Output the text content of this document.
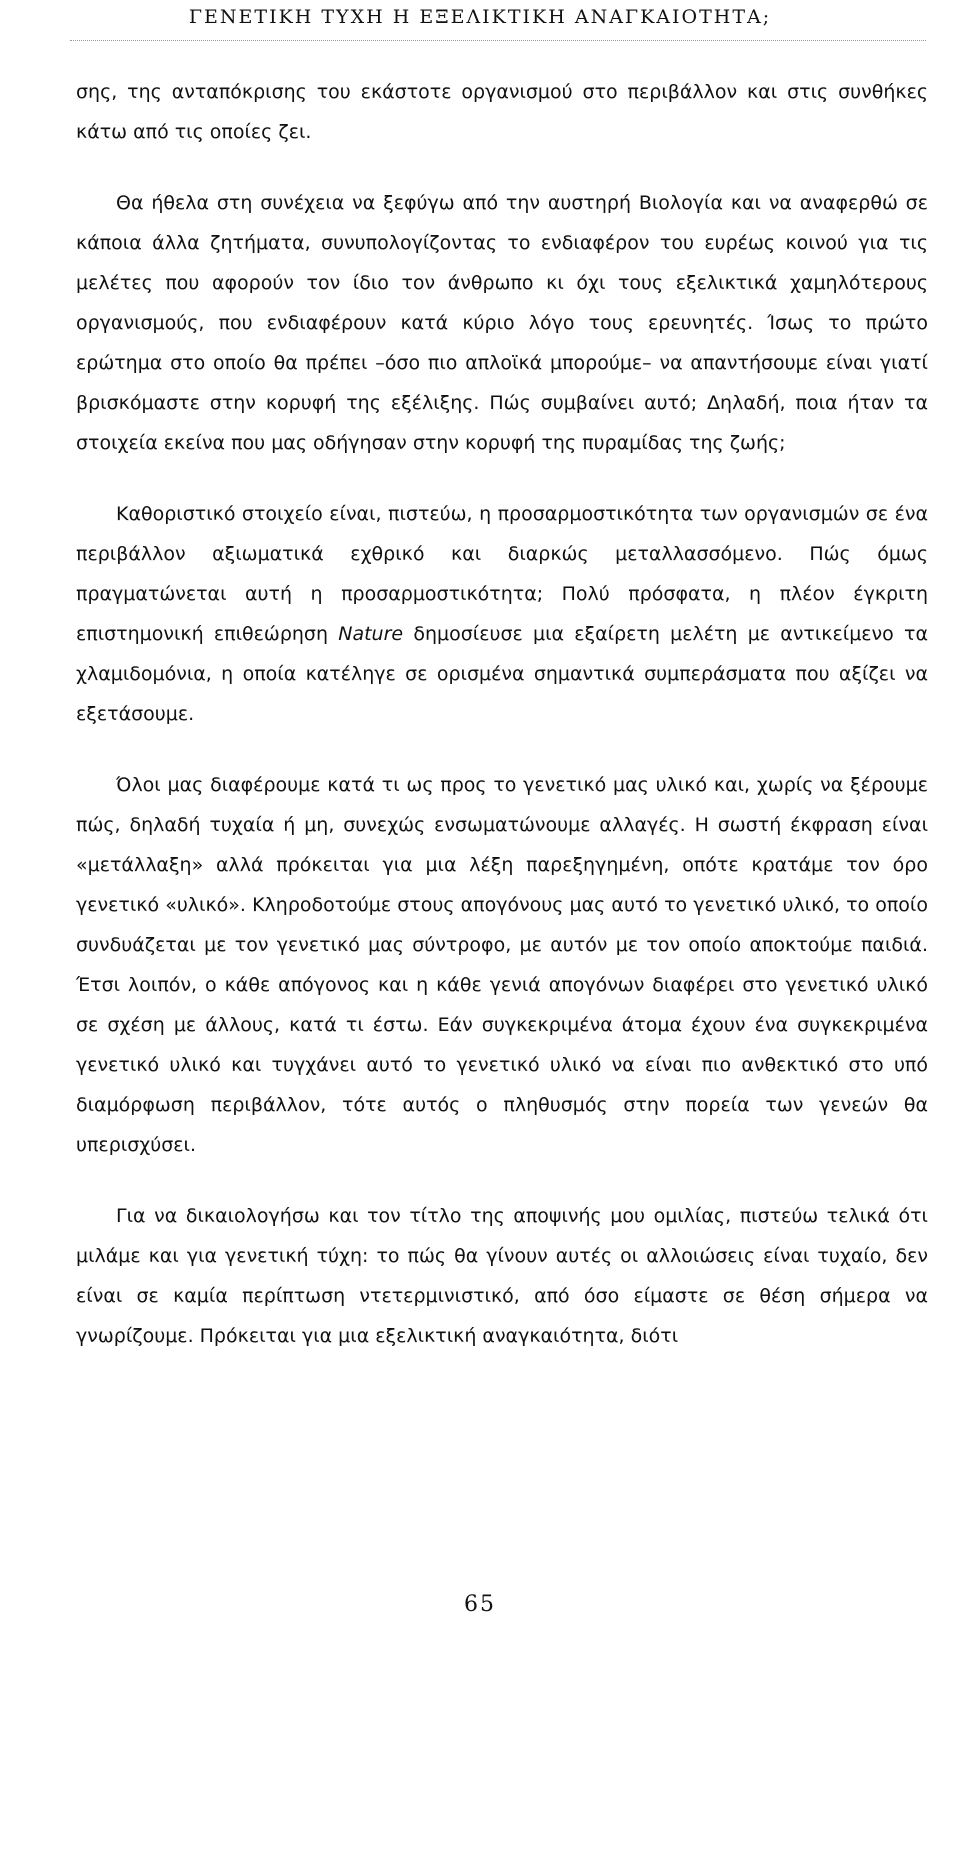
ΓΕΝΕΤΙΚΗ ΤΥΧΗ Η ΕΞΕΛΙΚΤΙΚΗ ΑΝΑΓΚΑΙΟΤΗΤΑ;

σης, της ανταπόκρισης του εκάστοτε οργανισμού στο περιβάλλον και στις συνθήκες κάτω από τις οποίες ζει.

Θα ήθελα στη συνέχεια να ξεφύγω από την αυστηρή Βιολογία και να αναφερθώ σε κάποια άλλα ζητήματα, συνυπολογίζοντας το ενδιαφέρον του ευρέως κοινού για τις μελέτες που αφορούν τον ίδιο τον άνθρωπο κι όχι τους εξελικτικά χαμηλότερους οργανισμούς, που ενδιαφέρουν κατά κύριο λόγο τους ερευνητές. Ίσως το πρώτο ερώτημα στο οποίο θα πρέπει –όσο πιο απλοϊκά μπορούμε– να απαντήσουμε είναι γιατί βρισκόμαστε στην κορυφή της εξέλιξης. Πώς συμβαίνει αυτό; Δηλαδή, ποια ήταν τα στοιχεία εκείνα που μας οδήγησαν στην κορυφή της πυραμίδας της ζωής;

Καθοριστικό στοιχείο είναι, πιστεύω, η προσαρμοστικότητα των οργανισμών σε ένα περιβάλλον αξιωματικά εχθρικό και διαρκώς μεταλλασσόμενο. Πώς όμως πραγματώνεται αυτή η προσαρμοστικότητα; Πολύ πρόσφατα, η πλέον έγκριτη επιστημονική επιθεώρηση Nature δημοσίευσε μια εξαίρετη μελέτη με αντικείμενο τα χλαμιδομόνια, η οποία κατέληγε σε ορισμένα σημαντικά συμπεράσματα που αξίζει να εξετάσουμε.

Όλοι μας διαφέρουμε κατά τι ως προς το γενετικό μας υλικό και, χωρίς να ξέρουμε πώς, δηλαδή τυχαία ή μη, συνεχώς ενσωματώνουμε αλλαγές. Η σωστή έκφραση είναι «μετάλλαξη» αλλά πρόκειται για μια λέξη παρεξηγημένη, οπότε κρατάμε τον όρο γενετικό «υλικό». Κληροδοτούμε στους απογόνους μας αυτό το γενετικό υλικό, το οποίο συνδυάζεται με τον γενετικό μας σύντροφο, με αυτόν με τον οποίο αποκτούμε παιδιά. Έτσι λοιπόν, ο κάθε απόγονος και η κάθε γενιά απογόνων διαφέρει στο γενετικό υλικό σε σχέση με άλλους, κατά τι έστω. Εάν συγκεκριμένα άτομα έχουν ένα συγκεκριμένα γενετικό υλικό και τυγχάνει αυτό το γενετικό υλικό να είναι πιο ανθεκτικό στο υπό διαμόρφωση περιβάλλον, τότε αυτός ο πληθυσμός στην πορεία των γενεών θα υπερισχύσει.

Για να δικαιολογήσω και τον τίτλο της αποψινής μου ομιλίας, πιστεύω τελικά ότι μιλάμε και για γενετική τύχη: το πώς θα γίνουν αυτές οι αλλοιώσεις είναι τυχαίο, δεν είναι σε καμία περίπτωση ντετερμινιστικό, από όσο είμαστε σε θέση σήμερα να γνωρίζουμε. Πρόκειται για μια εξελικτική αναγκαιότητα, διότι

65
